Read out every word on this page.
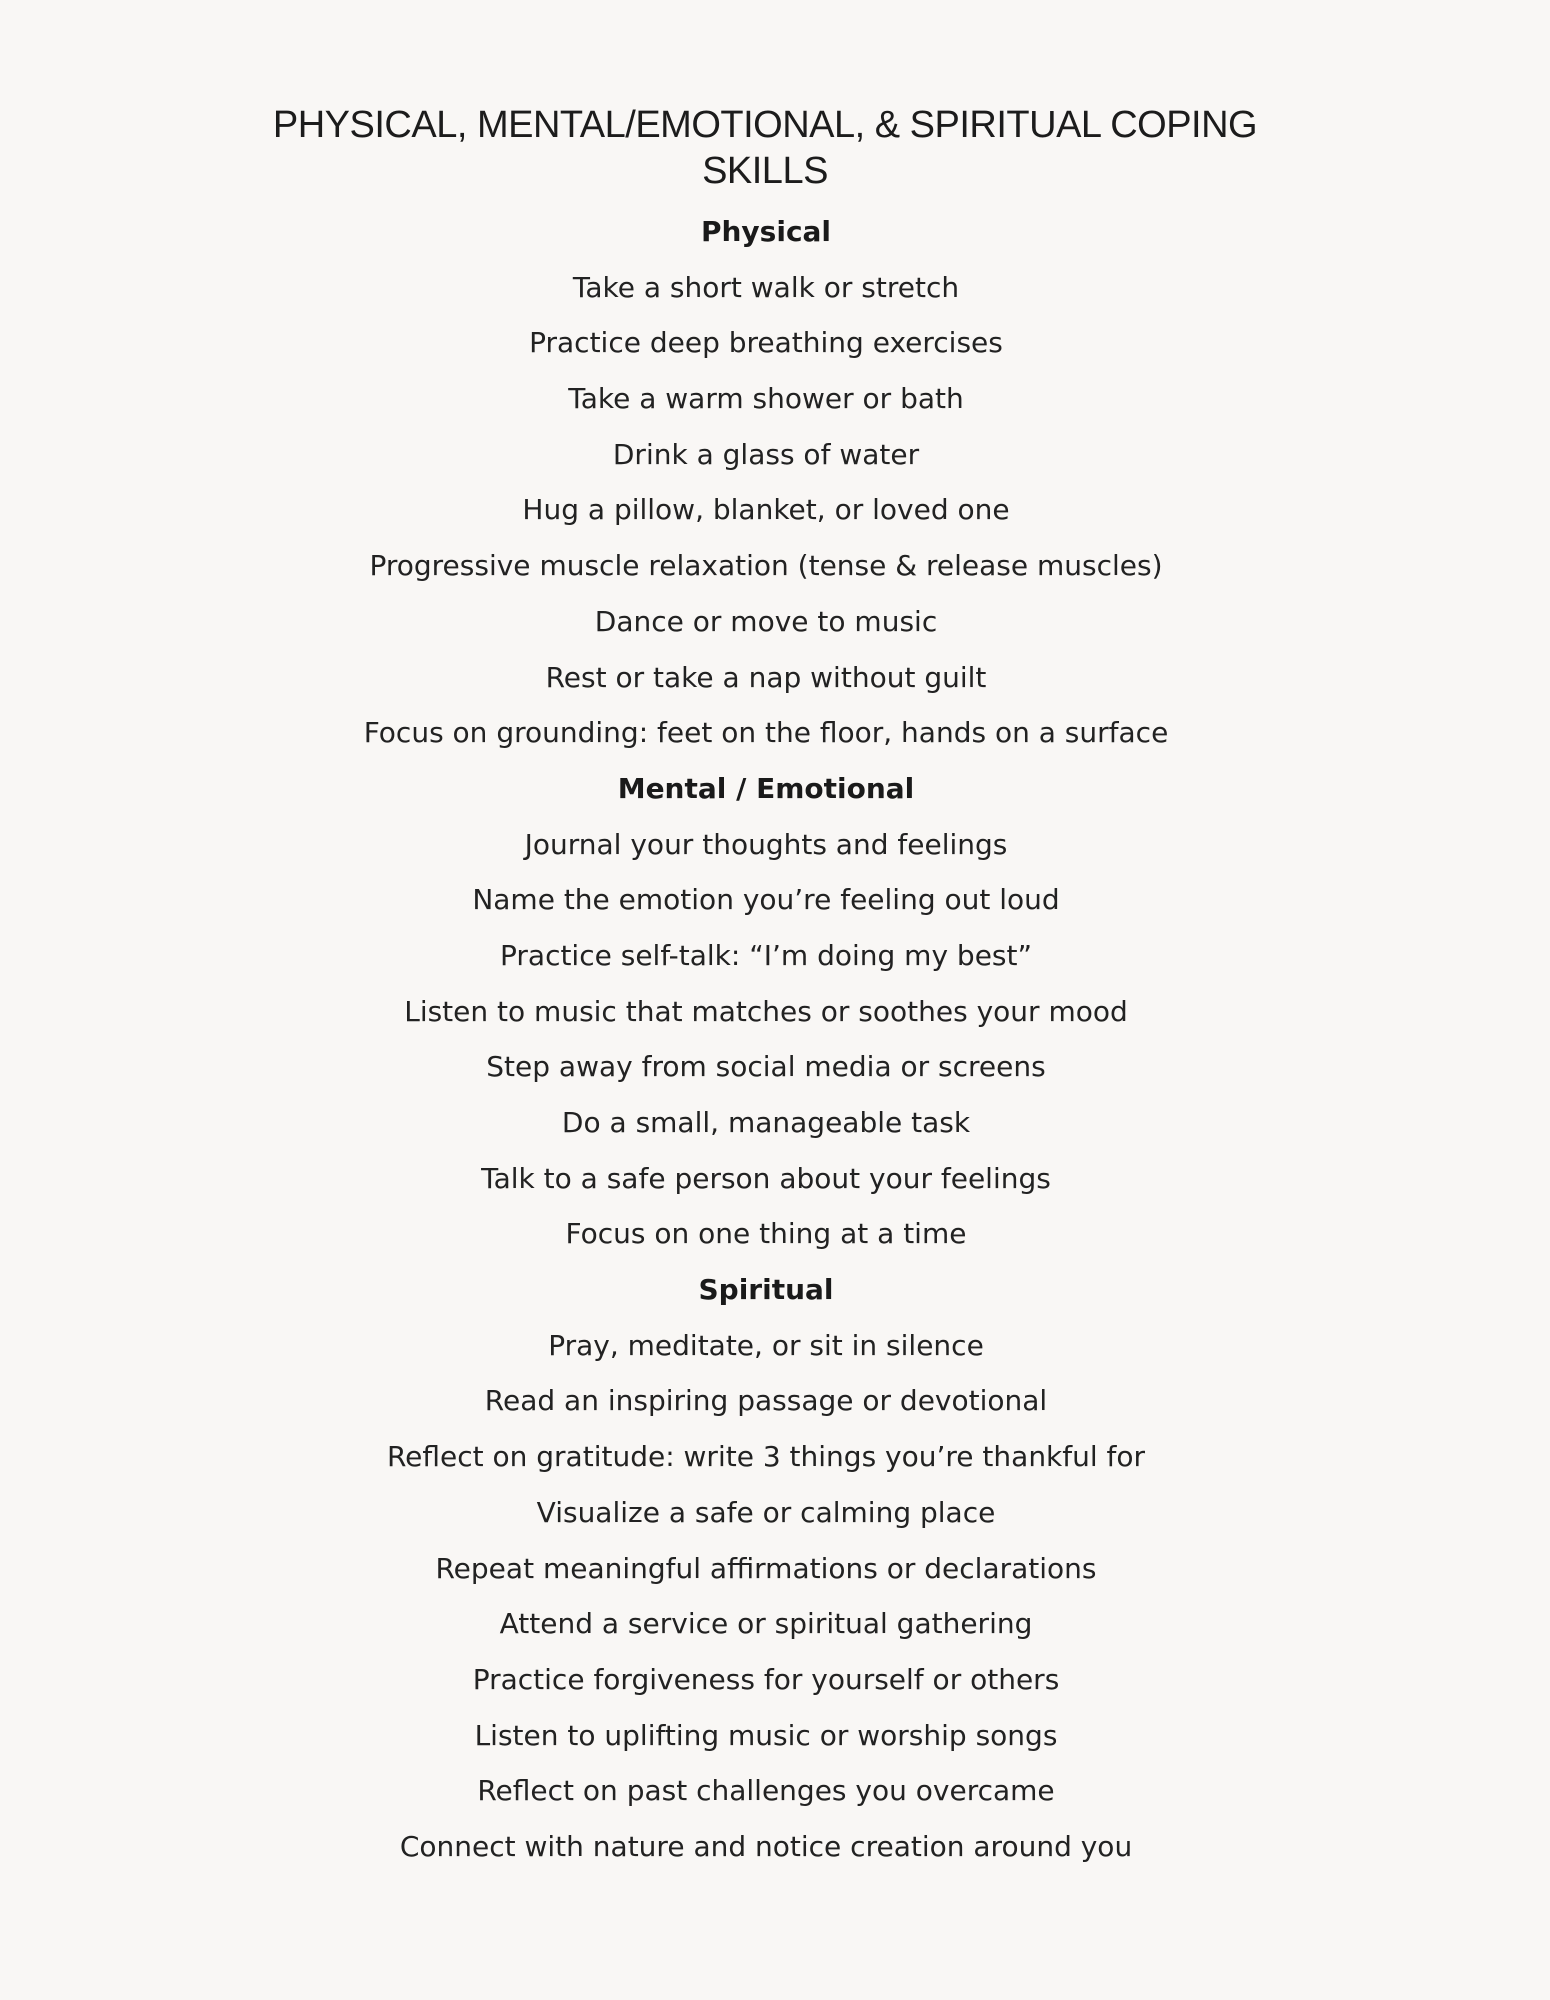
PHYSICAL, MENTAL/EMOTIONAL, & SPIRITUAL COPING
SKILLS
Physical
Take a short walk or stretch
Practice deep breathing exercises
Take a warm shower or bath
Drink a glass of water
Hug a pillow, blanket, or loved one
Progressive muscle relaxation (tense & release muscles)
Dance or move to music
Rest or take a nap without guilt
Focus on grounding: feet on the floor, hands on a surface
Mental / Emotional
Journal your thoughts and feelings
Name the emotion you’re feeling out loud
Practice self-talk: “I’m doing my best”
Listen to music that matches or soothes your mood
Step away from social media or screens
Do a small, manageable task
Talk to a safe person about your feelings
Focus on one thing at a time
Spiritual
Pray, meditate, or sit in silence
Read an inspiring passage or devotional
Reflect on gratitude: write 3 things you’re thankful for
Visualize a safe or calming place
Repeat meaningful affirmations or declarations
Attend a service or spiritual gathering
Practice forgiveness for yourself or others
Listen to uplifting music or worship songs
Reflect on past challenges you overcame
Connect with nature and notice creation around you
